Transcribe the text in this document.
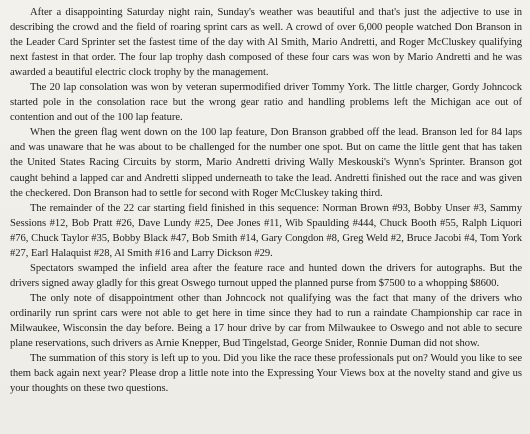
After a disappointing Saturday night rain, Sunday's weather was beautiful and that's just the adjective to use in describing the crowd and the field of roaring sprint cars as well. A crowd of over 6,000 people watched Don Branson in the Leader Card Sprinter set the fastest time of the day with Al Smith, Mario Andretti, and Roger McCluskey qualifying next fastest in that order. The four lap trophy dash composed of these four cars was won by Mario Andretti and he was awarded a beautiful electric clock trophy by the management.

The 20 lap consolation was won by veteran supermodified driver Tommy York. The little charger, Gordy Johncock started pole in the consolation race but the wrong gear ratio and handling problems left the Michigan ace out of contention and out of the 100 lap feature.

When the green flag went down on the 100 lap feature, Don Branson grabbed off the lead. Branson led for 84 laps and was unaware that he was about to be challenged for the number one spot. But on came the little gent that has taken the United States Racing Circuits by storm, Mario Andretti driving Wally Meskouski's Wynn's Sprinter. Branson got caught behind a lapped car and Andretti slipped underneath to take the lead. Andretti finished out the race and was given the checkered. Don Branson had to settle for second with Roger McCluskey taking third.

The remainder of the 22 car starting field finished in this sequence: Norman Brown #93, Bobby Unser #3, Sammy Sessions #12, Bob Pratt #26, Dave Lundy #25, Dee Jones #11, Wib Spaulding #444, Chuck Booth #55, Ralph Liquori #76, Chuck Taylor #35, Bobby Black #47, Bob Smith #14, Gary Congdon #8, Greg Weld #2, Bruce Jacobi #4, Tom York #27, Earl Halaquist #28, Al Smith #16 and Larry Dickson #29.

Spectators swamped the infield area after the feature race and hunted down the drivers for autographs. But the drivers signed away gladly for this great Oswego turnout upped the planned purse from $7500 to a whopping $8600.

The only note of disappointment other than Johncock not qualifying was the fact that many of the drivers who ordinarily run sprint cars were not able to get here in time since they had to run a raindate Championship car race in Milwaukee, Wisconsin the day before. Being a 17 hour drive by car from Milwaukee to Oswego and not able to secure plane reservations, such drivers as Arnie Knepper, Bud Tingelstad, George Snider, Ronnie Duman did not show.

The summation of this story is left up to you. Did you like the race these professionals put on? Would you like to see them back again next year? Please drop a little note into the Expressing Your Views box at the novelty stand and give us your thoughts on these two questions.
